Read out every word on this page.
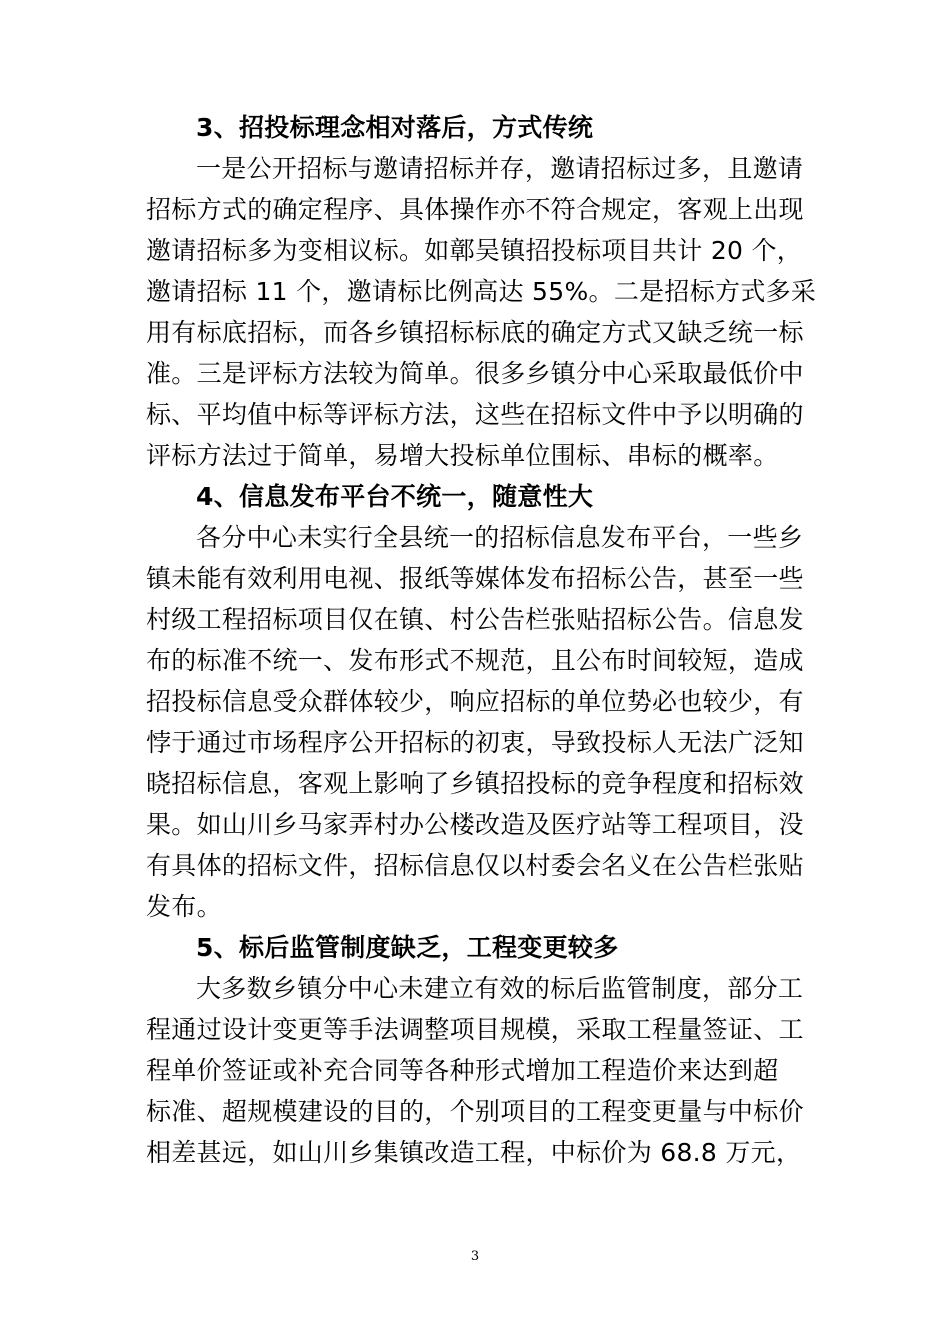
3、招投标理念相对落后，方式传统
一是公开招标与邀请招标并存，邀请招标过多，且邀请
招标方式的确定程序、具体操作亦不符合规定，客观上出现
邀请招标多为变相议标。如鄣吴镇招投标项目共计 20 个，
邀请招标 11 个，邀请标比例高达 55%。二是招标方式多采
用有标底招标，而各乡镇招标标底的确定方式又缺乏统一标
准。三是评标方法较为简单。很多乡镇分中心采取最低价中
标、平均值中标等评标方法，这些在招标文件中予以明确的
评标方法过于简单，易增大投标单位围标、串标的概率。
4、信息发布平台不统一，随意性大
各分中心未实行全县统一的招标信息发布平台，一些乡
镇未能有效利用电视、报纸等媒体发布招标公告，甚至一些
村级工程招标项目仅在镇、村公告栏张贴招标公告。信息发
布的标准不统一、发布形式不规范，且公布时间较短，造成
招投标信息受众群体较少，响应招标的单位势必也较少，有
悖于通过市场程序公开招标的初衷，导致投标人无法广泛知
晓招标信息，客观上影响了乡镇招投标的竞争程度和招标效
果。如山川乡马家弄村办公楼改造及医疗站等工程项目，没
有具体的招标文件，招标信息仅以村委会名义在公告栏张贴
发布。
5、标后监管制度缺乏，工程变更较多
大多数乡镇分中心未建立有效的标后监管制度，部分工
程通过设计变更等手法调整项目规模，采取工程量签证、工
程单价签证或补充合同等各种形式增加工程造价来达到超
标准、超规模建设的目的，个别项目的工程变更量与中标价
相差甚远，如山川乡集镇改造工程，中标价为 68.8 万元，
3
